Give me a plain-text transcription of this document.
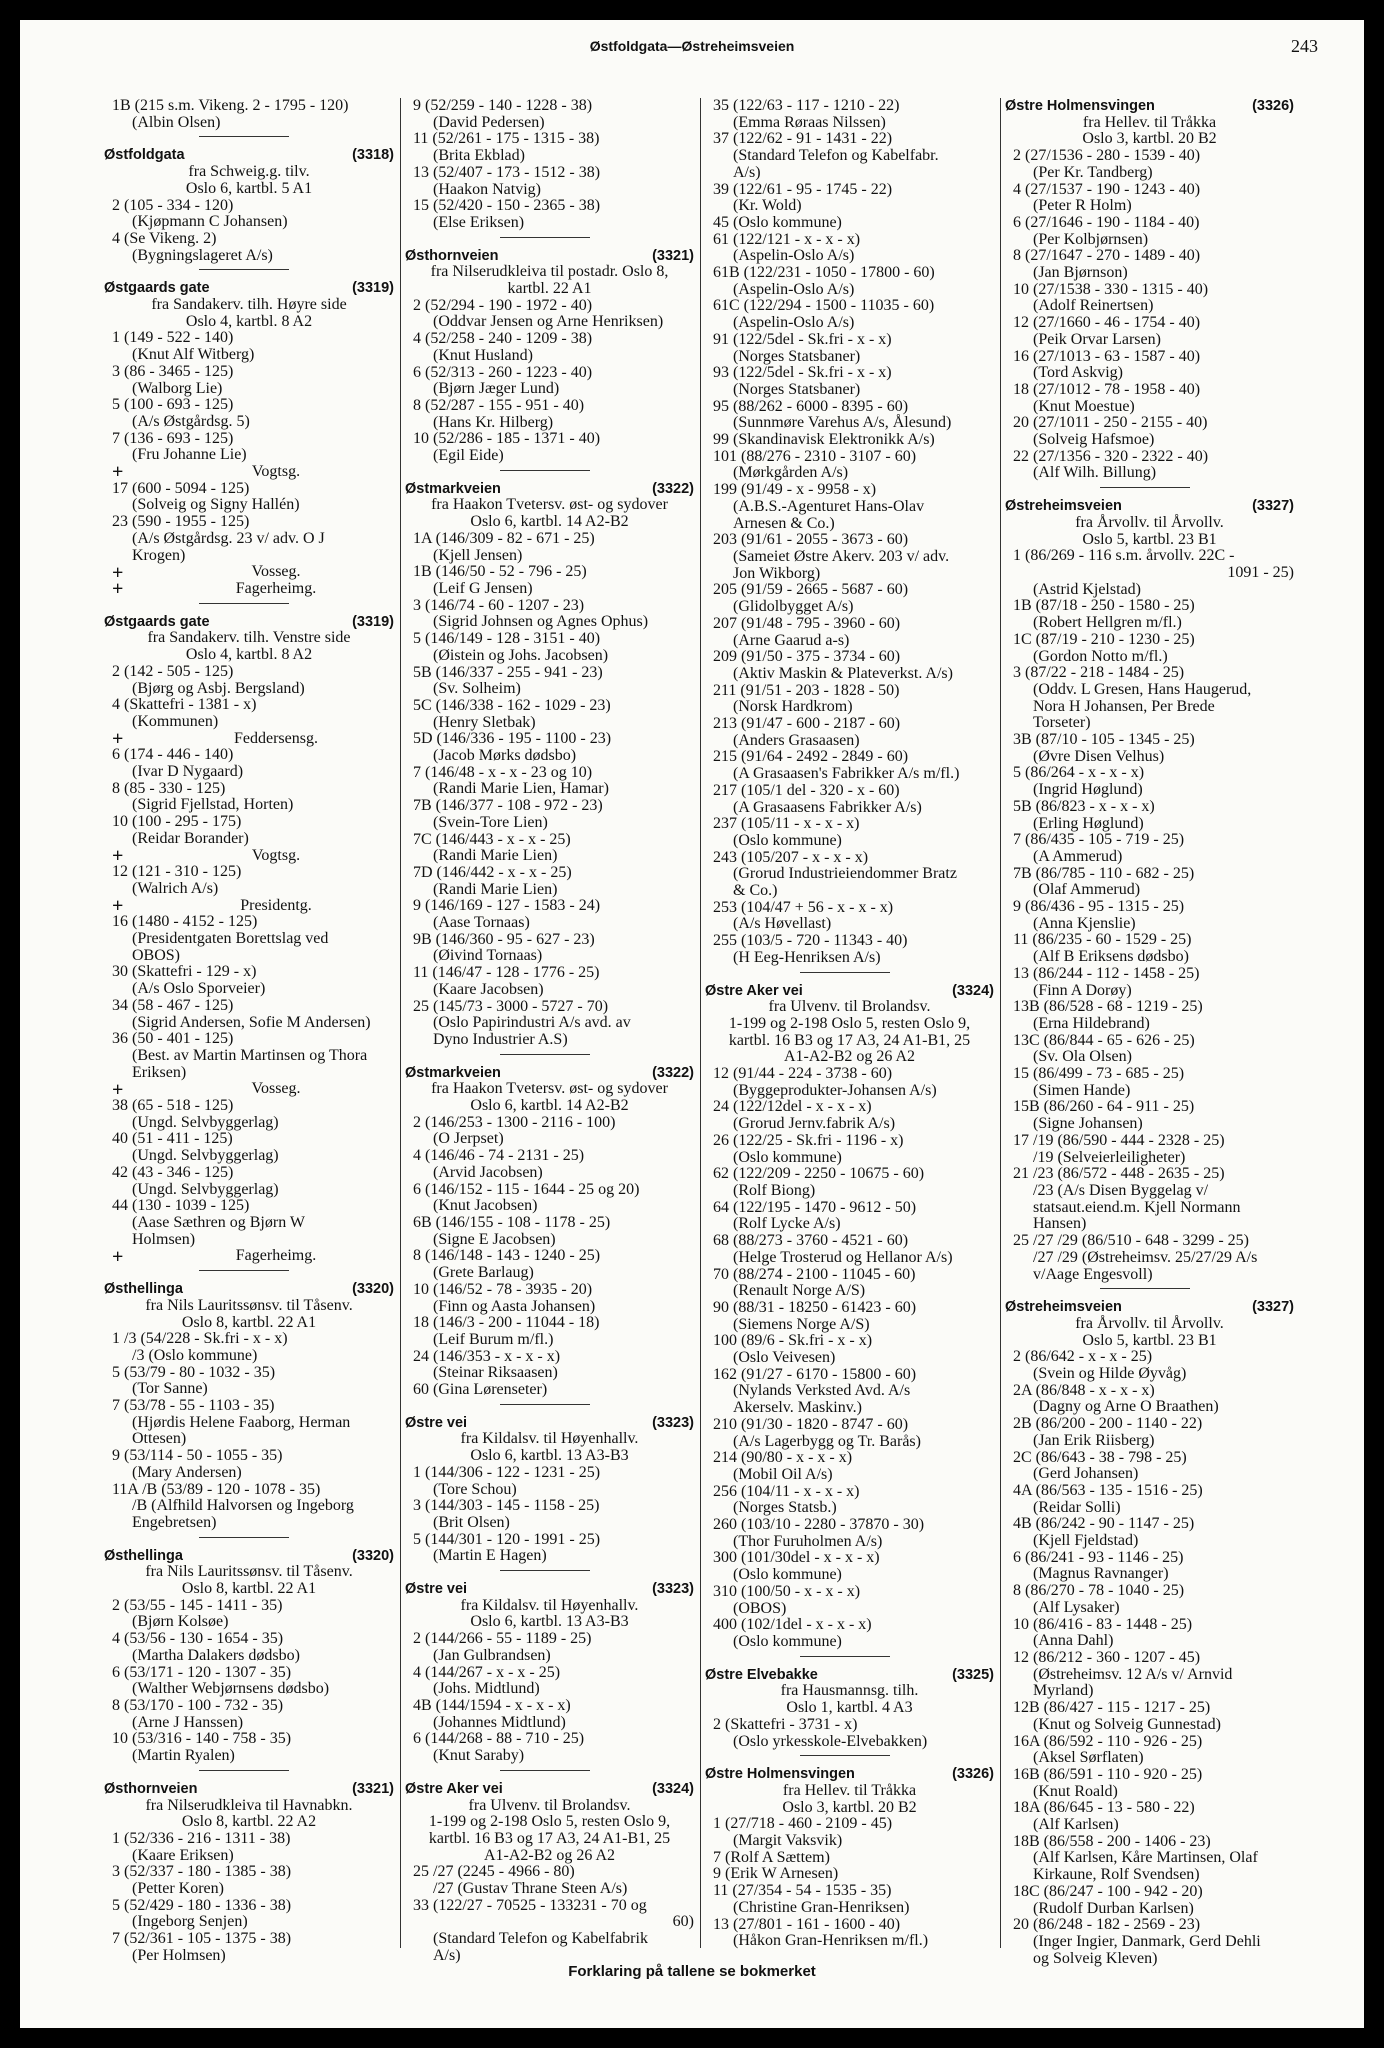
Østfoldgata—Østreheimsveien	243
1B (215 s.m. Vikeng. 2 - 1795 - 120)
(Albin Olsen)
Østfoldgata	(3318)
fra Schweig.g. tilv.
Oslo 6, kartbl. 5 A1
2 (105 - 334 - 120)
(Kjøpmann C Johansen)
4 (Se Vikeng. 2)
(Bygningslageret A/s)
Østgaards gate	(3319)
fra Sandakerv. tilh. Høyre side
Oslo 4, kartbl. 8 A2
1 (149 - 522 - 140)
(Knut Alf Witberg)
3 (86 - 3465 - 125)
(Walborg Lie)
5 (100 - 693 - 125)
(A/s Østgårdsg. 5)
7 (136 - 693 - 125)
(Fru Johanne Lie)
+	Vogtsg.
17 (600 - 5094 - 125)
(Solveig og Signy Hallén)
23 (590 - 1955 - 125)
(A/s Østgårdsg. 23 v/ adv. O J
Krogen)
+	Vosseg.
+	Fagerheimg.
Østgaards gate	(3319)
fra Sandakerv. tilh. Venstre side
Oslo 4, kartbl. 8 A2
2 (142 - 505 - 125)
(Bjørg og Asbj. Bergsland)
4 (Skattefri - 1381 - x)
(Kommunen)
+	Feddersensg.
6 (174 - 446 - 140)
(Ivar D Nygaard)
8 (85 - 330 - 125)
(Sigrid Fjellstad, Horten)
10 (100 - 295 - 175)
(Reidar Borander)
+	Vogtsg.
12 (121 - 310 - 125)
(Walrich A/s)
+	Presidentg.
16 (1480 - 4152 - 125)
(Presidentgaten Borettslag ved
OBOS)
30 (Skattefri - 129 - x)
(A/s Oslo Sporveier)
34 (58 - 467 - 125)
(Sigrid Andersen, Sofie M Andersen)
36 (50 - 401 - 125)
(Best. av Martin Martinsen og Thora
Eriksen)
+	Vosseg.
38 (65 - 518 - 125)
(Ungd. Selvbyggerlag)
40 (51 - 411 - 125)
(Ungd. Selvbyggerlag)
42 (43 - 346 - 125)
(Ungd. Selvbyggerlag)
44 (130 - 1039 - 125)
(Aase Sæthren og Bjørn W
Holmsen)
+	Fagerheimg.
Østhellinga	(3320)
fra Nils Lauritssønsv. til Tåsenv.
Oslo 8, kartbl. 22 A1
1 /3 (54/228 - Sk.fri - x - x)
/3 (Oslo kommune)
5 (53/79 - 80 - 1032 - 35)
(Tor Sanne)
7 (53/78 - 55 - 1103 - 35)
(Hjørdis Helene Faaborg, Herman
Ottesen)
9 (53/114 - 50 - 1055 - 35)
(Mary Andersen)
11A /B (53/89 - 120 - 1078 - 35)
/B (Alfhild Halvorsen og Ingeborg
Engebretsen)
Østhellinga	(3320)
fra Nils Lauritssønsv. til Tåsenv.
Oslo 8, kartbl. 22 A1
2 (53/55 - 145 - 1411 - 35)
(Bjørn Kolsøe)
4 (53/56 - 130 - 1654 - 35)
(Martha Dalakers dødsbo)
6 (53/171 - 120 - 1307 - 35)
(Walther Webjørnsens dødsbo)
8 (53/170 - 100 - 732 - 35)
(Arne J Hanssen)
10 (53/316 - 140 - 758 - 35)
(Martin Ryalen)
Østhornveien	(3321)
fra Nilserudkleiva til Havnabkn.
Oslo 8, kartbl. 22 A2
1 (52/336 - 216 - 1311 - 38)
(Kaare Eriksen)
3 (52/337 - 180 - 1385 - 38)
(Petter Koren)
5 (52/429 - 180 - 1336 - 38)
(Ingeborg Senjen)
7 (52/361 - 105 - 1375 - 38)
(Per Holmsen)
9 (52/259 - 140 - 1228 - 38)
(David Pedersen)
11 (52/261 - 175 - 1315 - 38)
(Brita Ekblad)
13 (52/407 - 173 - 1512 - 38)
(Haakon Natvig)
15 (52/420 - 150 - 2365 - 38)
(Else Eriksen)
Østhornveien	(3321)
fra Nilserudkleiva til postadr. Oslo 8,
kartbl. 22 A1
2 (52/294 - 190 - 1972 - 40)
(Oddvar Jensen og Arne Henriksen)
4 (52/258 - 240 - 1209 - 38)
(Knut Husland)
6 (52/313 - 260 - 1223 - 40)
(Bjørn Jæger Lund)
8 (52/287 - 155 - 951 - 40)
(Hans Kr. Hilberg)
10 (52/286 - 185 - 1371 - 40)
(Egil Eide)
Østmarkveien	(3322)
fra Haakon Tvetersv. øst- og sydover
Oslo 6, kartbl. 14 A2-B2
1A (146/309 - 82 - 671 - 25)
(Kjell Jensen)
1B (146/50 - 52 - 796 - 25)
(Leif G Jensen)
3 (146/74 - 60 - 1207 - 23)
(Sigrid Johnsen og Agnes Ophus)
5 (146/149 - 128 - 3151 - 40)
(Øistein og Johs. Jacobsen)
5B (146/337 - 255 - 941 - 23)
(Sv. Solheim)
5C (146/338 - 162 - 1029 - 23)
(Henry Sletbak)
5D (146/336 - 195 - 1100 - 23)
(Jacob Mørks dødsbo)
7 (146/48 - x - x - 23 og 10)
(Randi Marie Lien, Hamar)
7B (146/377 - 108 - 972 - 23)
(Svein-Tore Lien)
7C (146/443 - x - x - 25)
(Randi Marie Lien)
7D (146/442 - x - x - 25)
(Randi Marie Lien)
9 (146/169 - 127 - 1583 - 24)
(Aase Tornaas)
9B (146/360 - 95 - 627 - 23)
(Øivind Tornaas)
11 (146/47 - 128 - 1776 - 25)
(Kaare Jacobsen)
25 (145/73 - 3000 - 5727 - 70)
(Oslo Papirindustri A/s avd. av
Dyno Industrier A.S)
Østmarkveien	(3322)
fra Haakon Tvetersv. øst- og sydover
Oslo 6, kartbl. 14 A2-B2
2 (146/253 - 1300 - 2116 - 100)
(O Jerpset)
4 (146/46 - 74 - 2131 - 25)
(Arvid Jacobsen)
6 (146/152 - 115 - 1644 - 25 og 20)
(Knut Jacobsen)
6B (146/155 - 108 - 1178 - 25)
(Signe E Jacobsen)
8 (146/148 - 143 - 1240 - 25)
(Grete Barlaug)
10 (146/52 - 78 - 3935 - 20)
(Finn og Aasta Johansen)
18 (146/3 - 200 - 11044 - 18)
(Leif Burum m/fl.)
24 (146/353 - x - x - x)
(Steinar Riksaasen)
60 (Gina Lørenseter)
Østre vei	(3323)
fra Kildalsv. til Høyenhallv.
Oslo 6, kartbl. 13 A3-B3
1 (144/306 - 122 - 1231 - 25)
(Tore Schou)
3 (144/303 - 145 - 1158 - 25)
(Brit Olsen)
5 (144/301 - 120 - 1991 - 25)
(Martin E Hagen)
Østre vei	(3323)
fra Kildalsv. til Høyenhallv.
Oslo 6, kartbl. 13 A3-B3
2 (144/266 - 55 - 1189 - 25)
(Jan Gulbrandsen)
4 (144/267 - x - x - 25)
(Johs. Midtlund)
4B (144/1594 - x - x - x)
(Johannes Midtlund)
6 (144/268 - 88 - 710 - 25)
(Knut Saraby)
Østre Aker vei	(3324)
fra Ulvenv. til Brolandsv.
1-199 og 2-198 Oslo 5, resten Oslo 9,
kartbl. 16 B3 og 17 A3, 24 A1-B1, 25
A1-A2-B2 og 26 A2
25 /27 (2245 - 4966 - 80)
/27 (Gustav Thrane Steen A/s)
33 (122/27 - 70525 - 133231 - 70 og
60)
(Standard Telefon og Kabelfabrik
A/s)
35 (122/63 - 117 - 1210 - 22)
(Emma Røraas Nilssen)
37 (122/62 - 91 - 1431 - 22)
(Standard Telefon og Kabelfabr.
A/s)
39 (122/61 - 95 - 1745 - 22)
(Kr. Wold)
45 (Oslo kommune)
61 (122/121 - x - x - x)
(Aspelin-Oslo A/s)
61B (122/231 - 1050 - 17800 - 60)
(Aspelin-Oslo A/s)
61C (122/294 - 1500 - 11035 - 60)
(Aspelin-Oslo A/s)
91 (122/5del - Sk.fri - x - x)
(Norges Statsbaner)
93 (122/5del - Sk.fri - x - x)
(Norges Statsbaner)
95 (88/262 - 6000 - 8395 - 60)
(Sunnmøre Varehus A/s, Ålesund)
99 (Skandinavisk Elektronikk A/s)
101 (88/276 - 2310 - 3107 - 60)
(Mørkgården A/s)
199 (91/49 - x - 9958 - x)
(A.B.S.-Agenturet Hans-Olav
Arnesen & Co.)
203 (91/61 - 2055 - 3673 - 60)
(Sameiet Østre Akerv. 203 v/ adv.
Jon Wikborg)
205 (91/59 - 2665 - 5687 - 60)
(Glidolbygget A/s)
207 (91/48 - 795 - 3960 - 60)
(Arne Gaarud a-s)
209 (91/50 - 375 - 3734 - 60)
(Aktiv Maskin & Plateverkst. A/s)
211 (91/51 - 203 - 1828 - 50)
(Norsk Hardkrom)
213 (91/47 - 600 - 2187 - 60)
(Anders Grasaasen)
215 (91/64 - 2492 - 2849 - 60)
(A Grasaasen's Fabrikker A/s m/fl.)
217 (105/1 del - 320 - x - 60)
(A Grasaasens Fabrikker A/s)
237 (105/11 - x - x - x)
(Oslo kommune)
243 (105/207 - x - x - x)
(Grorud Industrieiendommer Bratz
& Co.)
253 (104/47 + 56 - x - x - x)
(A/s Høvellast)
255 (103/5 - 720 - 11343 - 40)
(H Eeg-Henriksen A/s)
Østre Aker vei	(3324)
fra Ulvenv. til Brolandsv.
1-199 og 2-198 Oslo 5, resten Oslo 9,
kartbl. 16 B3 og 17 A3, 24 A1-B1, 25
A1-A2-B2 og 26 A2
12 (91/44 - 224 - 3738 - 60)
(Byggeprodukter-Johansen A/s)
24 (122/12del - x - x - x)
(Grorud Jernv.fabrik A/s)
26 (122/25 - Sk.fri - 1196 - x)
(Oslo kommune)
62 (122/209 - 2250 - 10675 - 60)
(Rolf Biong)
64 (122/195 - 1470 - 9612 - 50)
(Rolf Lycke A/s)
68 (88/273 - 3760 - 4521 - 60)
(Helge Trosterud og Hellanor A/s)
70 (88/274 - 2100 - 11045 - 60)
(Renault Norge A/S)
90 (88/31 - 18250 - 61423 - 60)
(Siemens Norge A/S)
100 (89/6 - Sk.fri - x - x)
(Oslo Veivesen)
162 (91/27 - 6170 - 15800 - 60)
(Nylands Verksted Avd. A/s
Akerselv. Maskinv.)
210 (91/30 - 1820 - 8747 - 60)
(A/s Lagerbygg og Tr. Barås)
214 (90/80 - x - x - x)
(Mobil Oil A/s)
256 (104/11 - x - x - x)
(Norges Statsb.)
260 (103/10 - 2280 - 37870 - 30)
(Thor Furuholmen A/s)
300 (101/30del - x - x - x)
(Oslo kommune)
310 (100/50 - x - x - x)
(OBOS)
400 (102/1del - x - x - x)
(Oslo kommune)
Østre Elvebakke	(3325)
fra Hausmannsg. tilh.
Oslo 1, kartbl. 4 A3
2 (Skattefri - 3731 - x)
(Oslo yrkesskole-Elvebakken)
Østre Holmensvingen	(3326)
fra Hellev. til Tråkka
Oslo 3, kartbl. 20 B2
1 (27/718 - 460 - 2109 - 45)
(Margit Vaksvik)
7 (Rolf A Sættem)
9 (Erik W Arnesen)
11 (27/354 - 54 - 1535 - 35)
(Christine Gran-Henriksen)
13 (27/801 - 161 - 1600 - 40)
(Håkon Gran-Henriksen m/fl.)
Østre Holmensvingen	(3326)
fra Hellev. til Tråkka
Oslo 3, kartbl. 20 B2
2 (27/1536 - 280 - 1539 - 40)
(Per Kr. Tandberg)
4 (27/1537 - 190 - 1243 - 40)
(Peter R Holm)
6 (27/1646 - 190 - 1184 - 40)
(Per Kolbjørnsen)
8 (27/1647 - 270 - 1489 - 40)
(Jan Bjørnson)
10 (27/1538 - 330 - 1315 - 40)
(Adolf Reinertsen)
12 (27/1660 - 46 - 1754 - 40)
(Peik Orvar Larsen)
16 (27/1013 - 63 - 1587 - 40)
(Tord Askvig)
18 (27/1012 - 78 - 1958 - 40)
(Knut Moestue)
20 (27/1011 - 250 - 2155 - 40)
(Solveig Hafsmoe)
22 (27/1356 - 320 - 2322 - 40)
(Alf Wilh. Billung)
Østreheimsveien	(3327)
fra Årvollv. til Årvollv.
Oslo 5, kartbl. 23 B1
1 (86/269 - 116 s.m. årvollv. 22C -
1091 - 25)
(Astrid Kjelstad)
1B (87/18 - 250 - 1580 - 25)
(Robert Hellgren m/fl.)
1C (87/19 - 210 - 1230 - 25)
(Gordon Notto m/fl.)
3 (87/22 - 218 - 1484 - 25)
(Oddv. L Gresen, Hans Haugerud,
Nora H Johansen, Per Brede
Torseter)
3B (87/10 - 105 - 1345 - 25)
(Øvre Disen Velhus)
5 (86/264 - x - x - x)
(Ingrid Høglund)
5B (86/823 - x - x - x)
(Erling Høglund)
7 (86/435 - 105 - 719 - 25)
(A Ammerud)
7B (86/785 - 110 - 682 - 25)
(Olaf Ammerud)
9 (86/436 - 95 - 1315 - 25)
(Anna Kjenslie)
11 (86/235 - 60 - 1529 - 25)
(Alf B Eriksens dødsbo)
13 (86/244 - 112 - 1458 - 25)
(Finn A Dorøy)
13B (86/528 - 68 - 1219 - 25)
(Erna Hildebrand)
13C (86/844 - 65 - 626 - 25)
(Sv. Ola Olsen)
15 (86/499 - 73 - 685 - 25)
(Simen Hande)
15B (86/260 - 64 - 911 - 25)
(Signe Johansen)
17 /19 (86/590 - 444 - 2328 - 25)
/19 (Selveierleiligheter)
21 /23 (86/572 - 448 - 2635 - 25)
/23 (A/s Disen Byggelag v/
statsaut.eiend.m. Kjell Normann
Hansen)
25 /27 /29 (86/510 - 648 - 3299 - 25)
/27 /29 (Østreheimsv. 25/27/29 A/s
v/Aage Engesvoll)
Østreheimsveien	(3327)
fra Årvollv. til Årvollv.
Oslo 5, kartbl. 23 B1
2 (86/642 - x - x - 25)
(Svein og Hilde Øyvåg)
2A (86/848 - x - x - x)
(Dagny og Arne O Braathen)
2B (86/200 - 200 - 1140 - 22)
(Jan Erik Riisberg)
2C (86/643 - 38 - 798 - 25)
(Gerd Johansen)
4A (86/563 - 135 - 1516 - 25)
(Reidar Solli)
4B (86/242 - 90 - 1147 - 25)
(Kjell Fjeldstad)
6 (86/241 - 93 - 1146 - 25)
(Magnus Ravnanger)
8 (86/270 - 78 - 1040 - 25)
(Alf Lysaker)
10 (86/416 - 83 - 1448 - 25)
(Anna Dahl)
12 (86/212 - 360 - 1207 - 45)
(Østreheimsv. 12 A/s v/ Arnvid
Myrland)
12B (86/427 - 115 - 1217 - 25)
(Knut og Solveig Gunnestad)
16A (86/592 - 110 - 926 - 25)
(Aksel Sørflaten)
16B (86/591 - 110 - 920 - 25)
(Knut Roald)
18A (86/645 - 13 - 580 - 22)
(Alf Karlsen)
18B (86/558 - 200 - 1406 - 23)
(Alf Karlsen, Kåre Martinsen, Olaf
Kirkaune, Rolf Svendsen)
18C (86/247 - 100 - 942 - 20)
(Rudolf Durban Karlsen)
20 (86/248 - 182 - 2569 - 23)
(Inger Ingier, Danmark, Gerd Dehli
og Solveig Kleven)
Forklaring på tallene se bokmerket
